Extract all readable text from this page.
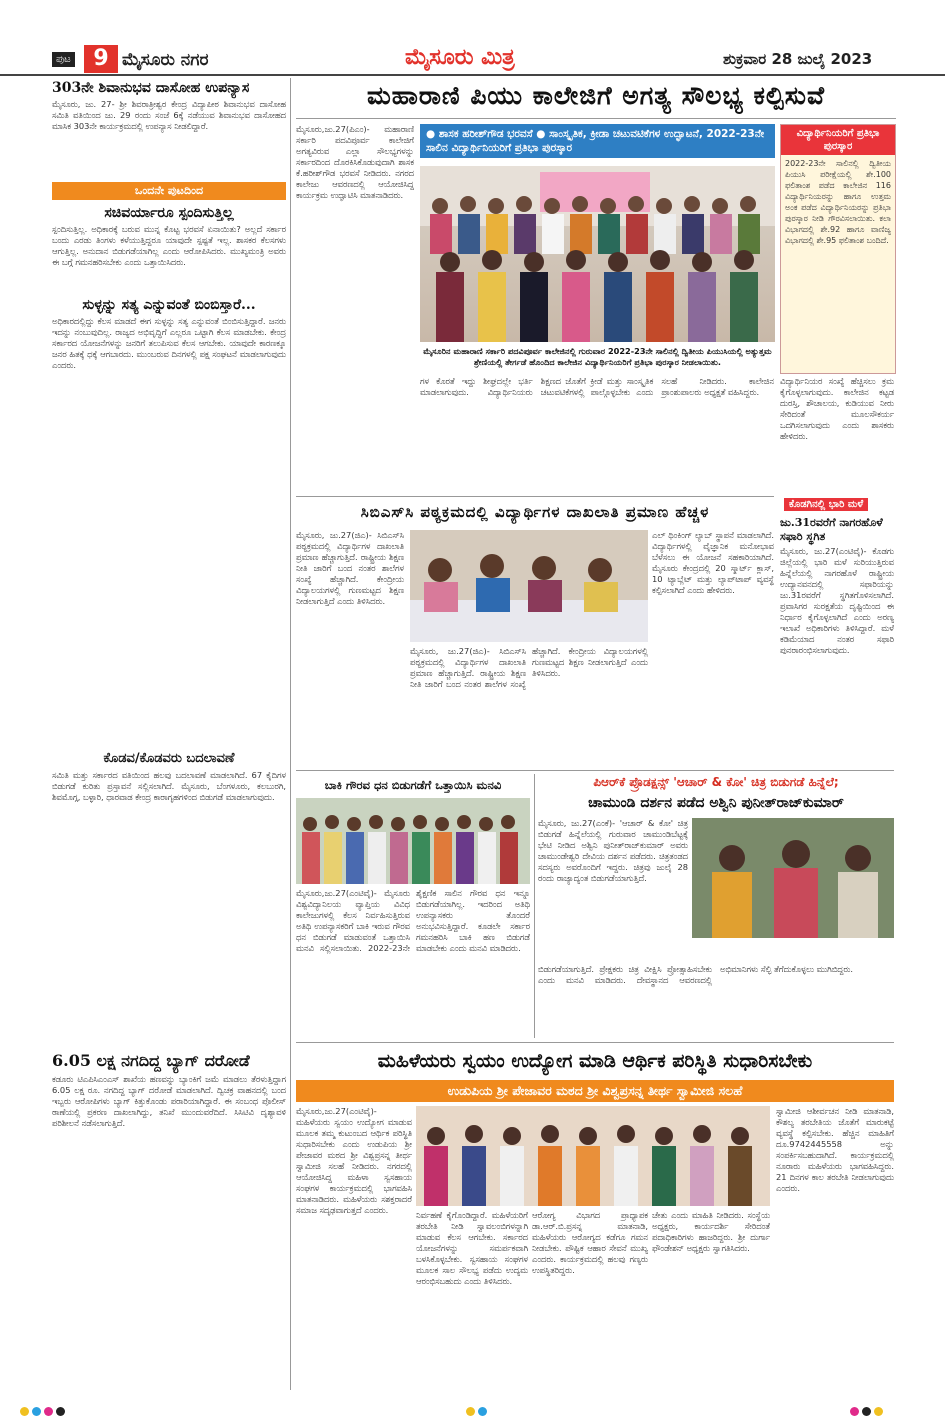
ಪುಟ	9 ಮೈಸೂರು ನಗರ	ಮೈಸೂರು ಮಿತ್ರ	ಶುಕ್ರವಾರ 28 ಜುಲೈ 2023
303ನೇ ಶಿವಾನುಭವ ದಾಸೋಹ ಉಪನ್ಯಾಸ
ಮೈಸೂರು, ಜು. 27- ಶ್ರೀ ಶಿವರಾತ್ರೀಶ್ವರ ಕೇಂದ್ರ ವಿದ್ಯಾಪೀಠ ಶಿವಾನುಭವ ದಾಸೋಹ ಸಮಿತಿ ವತಿಯಿಂದ ಜು. 29 ರಂದು ಸಂಜೆ 6ಕ್ಕೆ ನಡೆಯುವ ಶಿವಾನುಭವ ದಾಸೋಹದ ಮಾಸಿಕ 303ನೇ ಕಾರ್ಯಕ್ರಮದಲ್ಲಿ ಉಪನ್ಯಾಸ ನೀಡಲಿದ್ದಾರೆ.
ಒಂದನೇ ಪುಟದಿಂದ
ಸಚಿವರ್ಯಾರೂ ಸ್ಪಂದಿಸುತ್ತಿಲ್ಲ
ಸ್ಪಂದಿಸುತ್ತಿಲ್ಲ. ಅಧಿಕಾರಕ್ಕೆ ಬರುವ ಮುನ್ನ ಕೊಟ್ಟ ಭರವಸೆ ಏನಾಯಿತು? ಅಲ್ಲದೆ ಸರ್ಕಾರ ಬಂದು ಎರಡು ತಿಂಗಳು ಕಳೆಯುತ್ತಿದ್ದರೂ ಯಾವುದೇ ಸ್ಪಷ್ಟತೆ ಇಲ್ಲ. ಶಾಸಕರ ಕೆಲಸಗಳು ಆಗುತ್ತಿಲ್ಲ. ಅನುದಾನ ಬಿಡುಗಡೆಯಾಗಿಲ್ಲ ಎಂದು ಆರೋಪಿಸಿದರು. ಮುಖ್ಯಮಂತ್ರಿ ಅವರು ಈ ಬಗ್ಗೆ ಗಮನಹರಿಸಬೇಕು ಎಂದು ಒತ್ತಾಯಿಸಿದರು.
ಸುಳ್ಳನ್ನು ಸತ್ಯ ಎನ್ನುವಂತೆ ಬಿಂಬಿಸ್ತಾರೆ...
ಅಧಿಕಾರದಲ್ಲಿದ್ದು ಕೆಲಸ ಮಾಡದೆ ಈಗ ಸುಳ್ಳನ್ನು ಸತ್ಯ ಎನ್ನುವಂತೆ ಬಿಂಬಿಸುತ್ತಿದ್ದಾರೆ. ಜನರು ಇದನ್ನು ನಂಬುವುದಿಲ್ಲ. ರಾಜ್ಯದ ಅಭಿವೃದ್ಧಿಗೆ ಎಲ್ಲರೂ ಒಟ್ಟಾಗಿ ಕೆಲಸ ಮಾಡಬೇಕು. ಕೇಂದ್ರ ಸರ್ಕಾರದ ಯೋಜನೆಗಳನ್ನು ಜನರಿಗೆ ತಲುಪಿಸುವ ಕೆಲಸ ಆಗಬೇಕು. ಯಾವುದೇ ಕಾರಣಕ್ಕೂ ಜನರ ಹಿತಕ್ಕೆ ಧಕ್ಕೆ ಆಗಬಾರದು. ಮುಂಬರುವ ದಿನಗಳಲ್ಲಿ ಪಕ್ಷ ಸಂಘಟನೆ ಮಾಡಲಾಗುವುದು ಎಂದರು.
ಕೊಡವ/ಕೊಡವರು ಬದಲಾವಣೆ
ಸಮಿತಿ ಮತ್ತು ಸರ್ಕಾರದ ವತಿಯಿಂದ ಹಲವು ಬದಲಾವಣೆ ಮಾಡಲಾಗಿದೆ. 67 ಕೈದಿಗಳ ಬಿಡುಗಡೆ ಕುರಿತು ಪ್ರಸ್ತಾವನೆ ಸಲ್ಲಿಸಲಾಗಿದೆ. ಮೈಸೂರು, ಬೆಂಗಳೂರು, ಕಲಬುರಗಿ, ಶಿವಮೊಗ್ಗ, ಬಳ್ಳಾರಿ, ಧಾರವಾಡ ಕೇಂದ್ರ ಕಾರಾಗೃಹಗಳಿಂದ ಬಿಡುಗಡೆ ಮಾಡಲಾಗುವುದು.
6.05 ಲಕ್ಷ ನಗದಿದ್ದ ಬ್ಯಾಗ್ ದರೋಡೆ
ಕಡೂರು ಟಿಎಪಿಸಿಎಂಎಸ್ ಶಾಖೆಯ ಹಣವನ್ನು ಬ್ಯಾಂಕಿಗೆ ಜಮೆ ಮಾಡಲು ತೆರಳುತ್ತಿದ್ದಾಗ 6.05 ಲಕ್ಷ ರೂ. ನಗದಿದ್ದ ಬ್ಯಾಗ್ ದರೋಡೆ ಮಾಡಲಾಗಿದೆ. ದ್ವಿಚಕ್ರ ವಾಹನದಲ್ಲಿ ಬಂದ ಇಬ್ಬರು ಆರೋಪಿಗಳು ಬ್ಯಾಗ್ ಕಿತ್ತುಕೊಂಡು ಪರಾರಿಯಾಗಿದ್ದಾರೆ. ಈ ಸಂಬಂಧ ಪೊಲೀಸ್ ಠಾಣೆಯಲ್ಲಿ ಪ್ರಕರಣ ದಾಖಲಾಗಿದ್ದು, ತನಿಖೆ ಮುಂದುವರೆದಿದೆ. ಸಿಸಿಟಿವಿ ದೃಶ್ಯಾವಳಿ ಪರಿಶೀಲನೆ ನಡೆಸಲಾಗುತ್ತಿದೆ.
ಮಹಾರಾಣಿ ಪಿಯು ಕಾಲೇಜಿಗೆ ಅಗತ್ಯ ಸೌಲಭ್ಯ ಕಲ್ಪಿಸುವೆ
ಮೈಸೂರು,ಜು.27(ಪಿಎಂ)- ಮಹಾರಾಣಿ ಸರ್ಕಾರಿ ಪದವಿಪೂರ್ವ ಕಾಲೇಜಿಗೆ ಅಗತ್ಯವಿರುವ ಎಲ್ಲಾ ಸೌಲಭ್ಯಗಳನ್ನು ಸರ್ಕಾರದಿಂದ ದೊರಕಿಸಿಕೊಡುವುದಾಗಿ ಶಾಸಕ ಕೆ.ಹರೀಶ್‌ಗೌಡ ಭರವಸೆ ನೀಡಿದರು. ನಗರದ ಕಾಲೇಜು ಆವರಣದಲ್ಲಿ ಆಯೋಜಿಸಿದ್ದ ಕಾರ್ಯಕ್ರಮ ಉದ್ಘಾಟಿಸಿ ಮಾತನಾಡಿದರು.
● ಶಾಸಕ ಹರೀಶ್‌ಗೌಡ ಭರವಸೆ ● ಸಾಂಸ್ಕೃತಿಕ, ಕ್ರೀಡಾ ಚಟುವಟಿಕೆಗಳ ಉದ್ಘಾಟನೆ, 2022-23ನೇ ಸಾಲಿನ ವಿದ್ಯಾರ್ಥಿನಿಯರಿಗೆ ಪ್ರತಿಭಾ ಪುರಸ್ಕಾರ
ಮೈಸೂರಿನ ಮಹಾರಾಣಿ ಸರ್ಕಾರಿ ಪದವಿಪೂರ್ವ ಕಾಲೇಜಿನಲ್ಲಿ ಗುರುವಾರ 2022-23ನೇ ಸಾಲಿನಲ್ಲಿ ದ್ವಿತೀಯ ಪಿಯುಸಿಯಲ್ಲಿ ಅತ್ಯುತ್ತಮ ಶ್ರೇಣಿಯಲ್ಲಿ ತೇರ್ಗಡೆ ಹೊಂದಿದ ಕಾಲೇಜಿನ ವಿದ್ಯಾರ್ಥಿನಿಯರಿಗೆ ಪ್ರತಿಭಾ ಪುರಸ್ಕಾರ ನೀಡಲಾಯಿತು.
ವಿದ್ಯಾರ್ಥಿನಿಯರಿಗೆ ಪ್ರತಿಭಾ ಪುರಸ್ಕಾರ
2022-23ನೇ ಸಾಲಿನಲ್ಲಿ ದ್ವಿತೀಯ ಪಿಯುಸಿ ಪರೀಕ್ಷೆಯಲ್ಲಿ ಶೇ.100 ಫಲಿತಾಂಶ ಪಡೆದ ಕಾಲೇಜಿನ 116 ವಿದ್ಯಾರ್ಥಿನಿಯರನ್ನು ಹಾಗೂ ಉತ್ತಮ ಅಂಕ ಪಡೆದ ವಿದ್ಯಾರ್ಥಿನಿಯರನ್ನು ಪ್ರತಿಭಾ ಪುರಸ್ಕಾರ ನೀಡಿ ಗೌರವಿಸಲಾಯಿತು. ಕಲಾ ವಿಭಾಗದಲ್ಲಿ ಶೇ.92 ಹಾಗೂ ವಾಣಿಜ್ಯ ವಿಭಾಗದಲ್ಲಿ ಶೇ.95 ಫಲಿತಾಂಶ ಬಂದಿದೆ.
ಗಳ ಕೊರತೆ ಇದ್ದು ಶೀಘ್ರದಲ್ಲೇ ಭರ್ತಿ ಮಾಡಲಾಗುವುದು. ವಿದ್ಯಾರ್ಥಿನಿಯರು ಶಿಕ್ಷಣದ ಜೊತೆಗೆ ಕ್ರೀಡೆ ಮತ್ತು ಸಾಂಸ್ಕೃತಿಕ ಚಟುವಟಿಕೆಗಳಲ್ಲಿ ಪಾಲ್ಗೊಳ್ಳಬೇಕು ಎಂದು ಸಲಹೆ ನೀಡಿದರು. ಕಾಲೇಜಿನ ಪ್ರಾಂಶುಪಾಲರು ಅಧ್ಯಕ್ಷತೆ ವಹಿಸಿದ್ದರು.
ವಿದ್ಯಾರ್ಥಿನಿಯರ ಸಂಖ್ಯೆ ಹೆಚ್ಚಿಸಲು ಕ್ರಮ ಕೈಗೊಳ್ಳಲಾಗುವುದು. ಕಾಲೇಜಿನ ಕಟ್ಟಡ ದುರಸ್ತಿ, ಶೌಚಾಲಯ, ಕುಡಿಯುವ ನೀರು ಸೇರಿದಂತೆ ಮೂಲಸೌಕರ್ಯ ಒದಗಿಸಲಾಗುವುದು ಎಂದು ಶಾಸಕರು ಹೇಳಿದರು.
ಸಿಬಿಎಸ್‌ಸಿ ಪಠ್ಯಕ್ರಮದಲ್ಲಿ ವಿದ್ಯಾರ್ಥಿಗಳ ದಾಖಲಾತಿ ಪ್ರಮಾಣ ಹೆಚ್ಚಳ
ಮೈಸೂರು, ಜು.27(ಜಿಎ)- ಸಿಬಿಎಸ್‌ಸಿ ಪಠ್ಯಕ್ರಮದಲ್ಲಿ ವಿದ್ಯಾರ್ಥಿಗಳ ದಾಖಲಾತಿ ಪ್ರಮಾಣ ಹೆಚ್ಚಾಗುತ್ತಿದೆ. ರಾಷ್ಟ್ರೀಯ ಶಿಕ್ಷಣ ನೀತಿ ಜಾರಿಗೆ ಬಂದ ನಂತರ ಶಾಲೆಗಳ ಸಂಖ್ಯೆ ಹೆಚ್ಚಾಗಿದೆ. ಕೇಂದ್ರೀಯ ವಿದ್ಯಾಲಯಗಳಲ್ಲಿ ಗುಣಮಟ್ಟದ ಶಿಕ್ಷಣ ನೀಡಲಾಗುತ್ತಿದೆ ಎಂದು ತಿಳಿಸಿದರು.
ಎಲ್ ಥಿಂಕಿಂಗ್ ಲ್ಯಾಬ್ ಸ್ಥಾಪನೆ ಮಾಡಲಾಗಿದೆ. ವಿದ್ಯಾರ್ಥಿಗಳಲ್ಲಿ ವೈಜ್ಞಾನಿಕ ಮನೋಭಾವ ಬೆಳೆಸಲು ಈ ಯೋಜನೆ ಸಹಕಾರಿಯಾಗಿದೆ. ಮೈಸೂರು ಕೇಂದ್ರದಲ್ಲಿ 20 ಸ್ಮಾರ್ಟ್ ಕ್ಲಾಸ್, 10 ಟ್ಯಾಬ್ಲೆಟ್ ಮತ್ತು ಲ್ಯಾಪ್‌ಟಾಪ್ ವ್ಯವಸ್ಥೆ ಕಲ್ಪಿಸಲಾಗಿದೆ ಎಂದು ಹೇಳಿದರು.
ಮೈಸೂರು, ಜು.27(ಜಿಎ)- ಸಿಬಿಎಸ್‌ಸಿ ಪಠ್ಯಕ್ರಮದಲ್ಲಿ ವಿದ್ಯಾರ್ಥಿಗಳ ದಾಖಲಾತಿ ಪ್ರಮಾಣ ಹೆಚ್ಚಾಗುತ್ತಿದೆ. ರಾಷ್ಟ್ರೀಯ ಶಿಕ್ಷಣ ನೀತಿ ಜಾರಿಗೆ ಬಂದ ನಂತರ ಶಾಲೆಗಳ ಸಂಖ್ಯೆ ಹೆಚ್ಚಾಗಿದೆ. ಕೇಂದ್ರೀಯ ವಿದ್ಯಾಲಯಗಳಲ್ಲಿ ಗುಣಮಟ್ಟದ ಶಿಕ್ಷಣ ನೀಡಲಾಗುತ್ತಿದೆ ಎಂದು ತಿಳಿಸಿದರು.
ಕೊಡಗಿನಲ್ಲಿ ಭಾರಿ ಮಳೆ
ಜು.31ರವರೆಗೆ ನಾಗರಹೊಳೆ ಸಫಾರಿ ಸ್ಥಗಿತ
ಮೈಸೂರು, ಜು.27(ಎಂಟಿವೈ)- ಕೊಡಗು ಜಿಲ್ಲೆಯಲ್ಲಿ ಭಾರಿ ಮಳೆ ಸುರಿಯುತ್ತಿರುವ ಹಿನ್ನೆಲೆಯಲ್ಲಿ ನಾಗರಹೊಳೆ ರಾಷ್ಟ್ರೀಯ ಉದ್ಯಾನವನದಲ್ಲಿ ಸಫಾರಿಯನ್ನು ಜು.31ರವರೆಗೆ ಸ್ಥಗಿತಗೊಳಿಸಲಾಗಿದೆ. ಪ್ರವಾಸಿಗರ ಸುರಕ್ಷತೆಯ ದೃಷ್ಟಿಯಿಂದ ಈ ನಿರ್ಧಾರ ಕೈಗೊಳ್ಳಲಾಗಿದೆ ಎಂದು ಅರಣ್ಯ ಇಲಾಖೆ ಅಧಿಕಾರಿಗಳು ತಿಳಿಸಿದ್ದಾರೆ. ಮಳೆ ಕಡಿಮೆಯಾದ ನಂತರ ಸಫಾರಿ ಪುನರಾರಂಭಿಸಲಾಗುವುದು.
ಬಾಕಿ ಗೌರವ ಧನ ಬಿಡುಗಡೆಗೆ ಒತ್ತಾಯಿಸಿ ಮನವಿ
ಮೈಸೂರು,ಜು.27(ಎಂಟಿವೈ)- ಮೈಸೂರು ವಿಶ್ವವಿದ್ಯಾನಿಲಯ ವ್ಯಾಪ್ತಿಯ ವಿವಿಧ ಕಾಲೇಜುಗಳಲ್ಲಿ ಕೆಲಸ ನಿರ್ವಹಿಸುತ್ತಿರುವ ಅತಿಥಿ ಉಪನ್ಯಾಸಕರಿಗೆ ಬಾಕಿ ಇರುವ ಗೌರವ ಧನ ಬಿಡುಗಡೆ ಮಾಡುವಂತೆ ಒತ್ತಾಯಿಸಿ ಮನವಿ ಸಲ್ಲಿಸಲಾಯಿತು. 2022-23ನೇ ಶೈಕ್ಷಣಿಕ ಸಾಲಿನ ಗೌರವ ಧನ ಇನ್ನೂ ಬಿಡುಗಡೆಯಾಗಿಲ್ಲ. ಇದರಿಂದ ಅತಿಥಿ ಉಪನ್ಯಾಸಕರು ತೊಂದರೆ ಅನುಭವಿಸುತ್ತಿದ್ದಾರೆ. ಕೂಡಲೇ ಸರ್ಕಾರ ಗಮನಹರಿಸಿ ಬಾಕಿ ಹಣ ಬಿಡುಗಡೆ ಮಾಡಬೇಕು ಎಂದು ಮನವಿ ಮಾಡಿದರು.
ಪಿಆರ್‌ಕೆ ಪ್ರೊಡಕ್ಷನ್ಸ್ 'ಆಚಾರ್ & ಕೋ' ಚಿತ್ರ ಬಿಡುಗಡೆ ಹಿನ್ನೆಲೆ;
ಚಾಮುಂಡಿ ದರ್ಶನ ಪಡೆದ ಅಶ್ವಿನಿ ಪುನೀತ್‌ರಾಜ್‌ಕುಮಾರ್
ಮೈಸೂರು, ಜು.27(ಎಂಕೆ)- 'ಆಚಾರ್ & ಕೋ' ಚಿತ್ರ ಬಿಡುಗಡೆ ಹಿನ್ನೆಲೆಯಲ್ಲಿ ಗುರುವಾರ ಚಾಮುಂಡಿಬೆಟ್ಟಕ್ಕೆ ಭೇಟಿ ನೀಡಿದ ಅಶ್ವಿನಿ ಪುನೀತ್‌ರಾಜ್‌ಕುಮಾರ್ ಅವರು ಚಾಮುಂಡೇಶ್ವರಿ ದೇವಿಯ ದರ್ಶನ ಪಡೆದರು. ಚಿತ್ರತಂಡದ ಸದಸ್ಯರು ಅವರೊಂದಿಗೆ ಇದ್ದರು. ಚಿತ್ರವು ಜುಲೈ 28 ರಂದು ರಾಜ್ಯಾದ್ಯಂತ ಬಿಡುಗಡೆಯಾಗುತ್ತಿದೆ.
ಬಿಡುಗಡೆಯಾಗುತ್ತಿದೆ. ಪ್ರೇಕ್ಷಕರು ಚಿತ್ರ ವೀಕ್ಷಿಸಿ ಪ್ರೋತ್ಸಾಹಿಸಬೇಕು ಎಂದು ಮನವಿ ಮಾಡಿದರು. ದೇವಸ್ಥಾನದ ಆವರಣದಲ್ಲಿ ಅಭಿಮಾನಿಗಳು ಸೆಲ್ಫಿ ತೆಗೆದುಕೊಳ್ಳಲು ಮುಗಿಬಿದ್ದರು.
ಮಹಿಳೆಯರು ಸ್ವಯಂ ಉದ್ಯೋಗ ಮಾಡಿ ಆರ್ಥಿಕ ಪರಿಸ್ಥಿತಿ ಸುಧಾರಿಸಬೇಕು
ಉಡುಪಿಯ ಶ್ರೀ ಪೇಜಾವರ ಮಠದ ಶ್ರೀ ವಿಶ್ವಪ್ರಸನ್ನ ತೀರ್ಥ ಸ್ವಾಮೀಜಿ ಸಲಹೆ
ಮೈಸೂರು,ಜು.27(ಎಂಟಿವೈ)- ಮಹಿಳೆಯರು ಸ್ವಯಂ ಉದ್ಯೋಗ ಮಾಡುವ ಮೂಲಕ ತಮ್ಮ ಕುಟುಂಬದ ಆರ್ಥಿಕ ಪರಿಸ್ಥಿತಿ ಸುಧಾರಿಸಬೇಕು ಎಂದು ಉಡುಪಿಯ ಶ್ರೀ ಪೇಜಾವರ ಮಠದ ಶ್ರೀ ವಿಶ್ವಪ್ರಸನ್ನ ತೀರ್ಥ ಸ್ವಾಮೀಜಿ ಸಲಹೆ ನೀಡಿದರು. ನಗರದಲ್ಲಿ ಆಯೋಜಿಸಿದ್ದ ಮಹಿಳಾ ಸ್ವಸಹಾಯ ಸಂಘಗಳ ಕಾರ್ಯಕ್ರಮದಲ್ಲಿ ಭಾಗವಹಿಸಿ ಮಾತನಾಡಿದರು. ಮಹಿಳೆಯರು ಸಶಕ್ತರಾದರೆ ಸಮಾಜ ಸದೃಢವಾಗುತ್ತದೆ ಎಂದರು.	ನಿರ್ವಹಣೆ ಕೈಗೊಂಡಿದ್ದಾರೆ. ಮಹಿಳೆಯರಿಗೆ ತರಬೇತಿ ನೀಡಿ ಸ್ವಾವಲಂಬಿಗಳನ್ನಾಗಿ ಮಾಡುವ ಕೆಲಸ ಆಗಬೇಕು. ಸರ್ಕಾರದ ಯೋಜನೆಗಳನ್ನು ಸಮರ್ಪಕವಾಗಿ ಬಳಸಿಕೊಳ್ಳಬೇಕು. ಸ್ವಸಹಾಯ ಸಂಘಗಳ ಮೂಲಕ ಸಾಲ ಸೌಲಭ್ಯ ಪಡೆದು ಉದ್ಯಮ ಆರಂಭಿಸಬಹುದು ಎಂದು ತಿಳಿಸಿದರು.
ಆರೋಗ್ಯ ವಿಭಾಗದ ಪ್ರಾಧ್ಯಾಪಕ ಡಾ.ಆರ್.ಬಿ.ಪ್ರಸನ್ನ ಮಾತನಾಡಿ, ಮಹಿಳೆಯರು ಆರೋಗ್ಯದ ಕಡೆಗೂ ಗಮನ ನೀಡಬೇಕು. ಪೌಷ್ಟಿಕ ಆಹಾರ ಸೇವನೆ ಮುಖ್ಯ ಎಂದರು. ಕಾರ್ಯಕ್ರಮದಲ್ಲಿ ಹಲವು ಗಣ್ಯರು ಉಪಸ್ಥಿತರಿದ್ದರು.
ಚೇತು ಎಂದು ಮಾಹಿತಿ ನೀಡಿದರು. ಸಂಸ್ಥೆಯ ಅಧ್ಯಕ್ಷರು, ಕಾರ್ಯದರ್ಶಿ ಸೇರಿದಂತೆ ಪದಾಧಿಕಾರಿಗಳು ಹಾಜರಿದ್ದರು. ಶ್ರೀ ದುರ್ಗಾ ಫೌಂಡೇಶನ್ ಅಧ್ಯಕ್ಷರು ಸ್ವಾಗತಿಸಿದರು.
ಸ್ವಾಮೀಜಿ ಆಶೀರ್ವಚನ ನೀಡಿ ಮಾತನಾಡಿ, ಕೌಶಲ್ಯ ತರಬೇತಿಯ ಜೊತೆಗೆ ಮಾರುಕಟ್ಟೆ ವ್ಯವಸ್ಥೆ ಕಲ್ಪಿಸಬೇಕು. ಹೆಚ್ಚಿನ ಮಾಹಿತಿಗೆ ದೂ.9742445558 ಅನ್ನು ಸಂಪರ್ಕಿಸಬಹುದಾಗಿದೆ. ಕಾರ್ಯಕ್ರಮದಲ್ಲಿ ನೂರಾರು ಮಹಿಳೆಯರು ಭಾಗವಹಿಸಿದ್ದರು. 21 ದಿನಗಳ ಕಾಲ ತರಬೇತಿ ನೀಡಲಾಗುವುದು ಎಂದರು.
